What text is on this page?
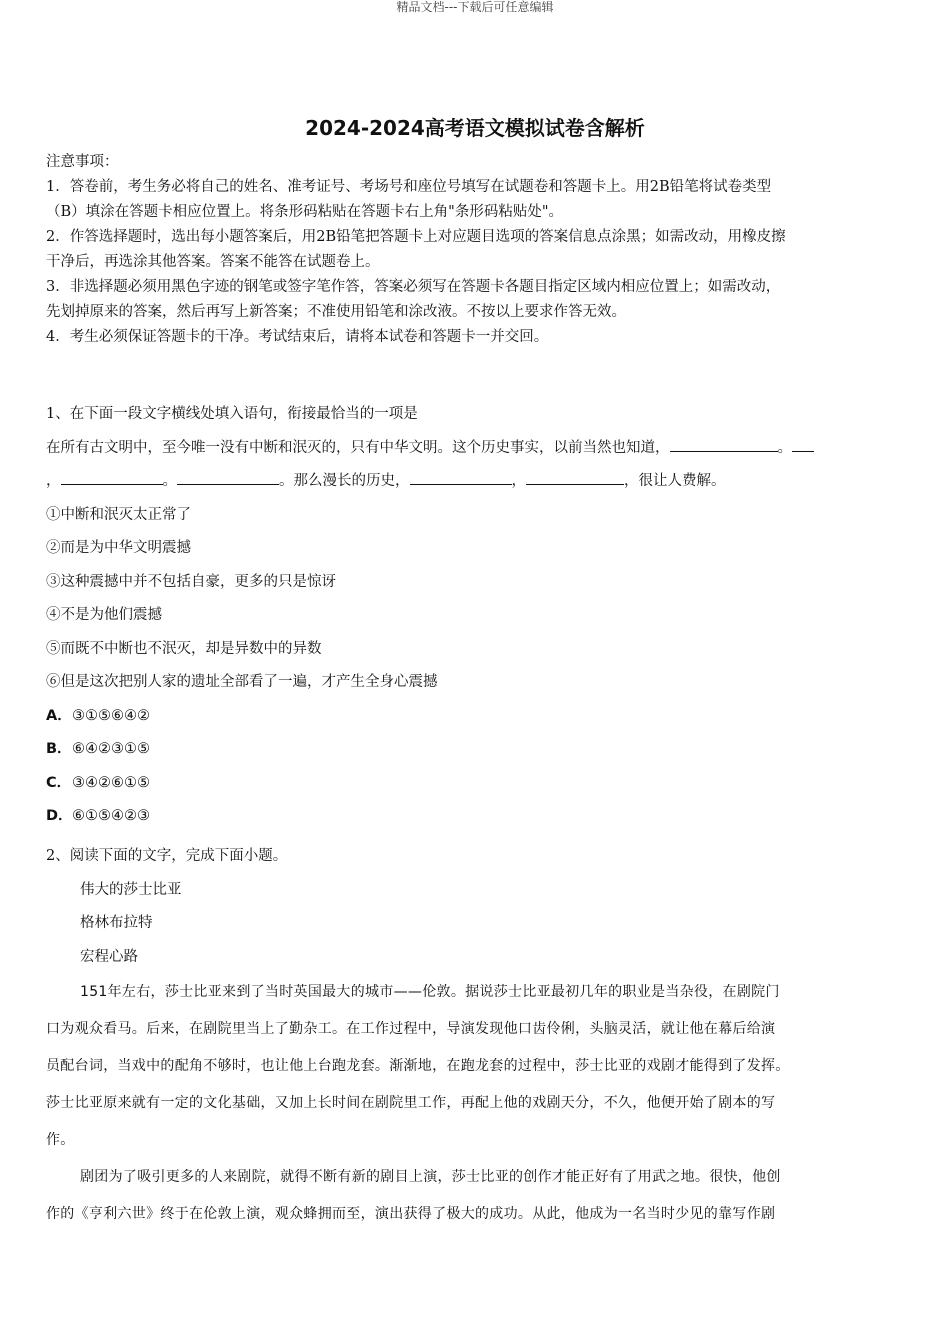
精品文档---下载后可任意编辑
2024-2024高考语文模拟试卷含解析
注意事项：
1．答卷前，考生务必将自己的姓名、准考证号、考场号和座位号填写在试题卷和答题卡上。用2B铅笔将试卷类型
（B）填涂在答题卡相应位置上。将条形码粘贴在答题卡右上角"条形码粘贴处"。
2．作答选择题时，选出每小题答案后，用2B铅笔把答题卡上对应题目选项的答案信息点涂黑；如需改动，用橡皮擦
干净后，再选涂其他答案。答案不能答在试题卷上。
3．非选择题必须用黑色字迹的钢笔或签字笔作答，答案必须写在答题卡各题目指定区域内相应位置上；如需改动，
先划掉原来的答案，然后再写上新答案；不准使用铅笔和涂改液。不按以上要求作答无效。
4．考生必须保证答题卡的干净。考试结束后，请将本试卷和答题卡一并交回。
1、在下面一段文字横线处填入语句，衔接最恰当的一项是
在所有古文明中，至今唯一没有中断和泯灭的，只有中华文明。这个历史事实，以前当然也知道，	。
，	。	。那么漫长的历史，	，	，很让人费解。
①中断和泯灭太正常了
②而是为中华文明震撼
③这种震撼中并不包括自豪，更多的只是惊讶
④不是为他们震撼
⑤而既不中断也不泯灭，却是异数中的异数
⑥但是这次把别人家的遗址全部看了一遍，才产生全身心震撼
A．③①⑤⑥④②
B．⑥④②③①⑤
C．③④②⑥①⑤
D．⑥①⑤④②③
2、阅读下面的文字，完成下面小题。
伟大的莎士比亚
格林布拉特
宏程心路
151年左右，莎士比亚来到了当时英国最大的城市——伦敦。据说莎士比亚最初几年的职业是当杂役，在剧院门
口为观众看马。后来，在剧院里当上了勤杂工。在工作过程中，导演发现他口齿伶俐，头脑灵活，就让他在幕后给演
员配台词，当戏中的配角不够时，也让他上台跑龙套。渐渐地，在跑龙套的过程中，莎士比亚的戏剧才能得到了发挥。
莎士比亚原来就有一定的文化基础，又加上长时间在剧院里工作，再配上他的戏剧天分，不久，他便开始了剧本的写
作。
剧团为了吸引更多的人来剧院，就得不断有新的剧目上演，莎士比亚的创作才能正好有了用武之地。很快，他创
作的《亨利六世》终于在伦敦上演，观众蜂拥而至，演出获得了极大的成功。从此，他成为一名当时少见的靠写作剧
